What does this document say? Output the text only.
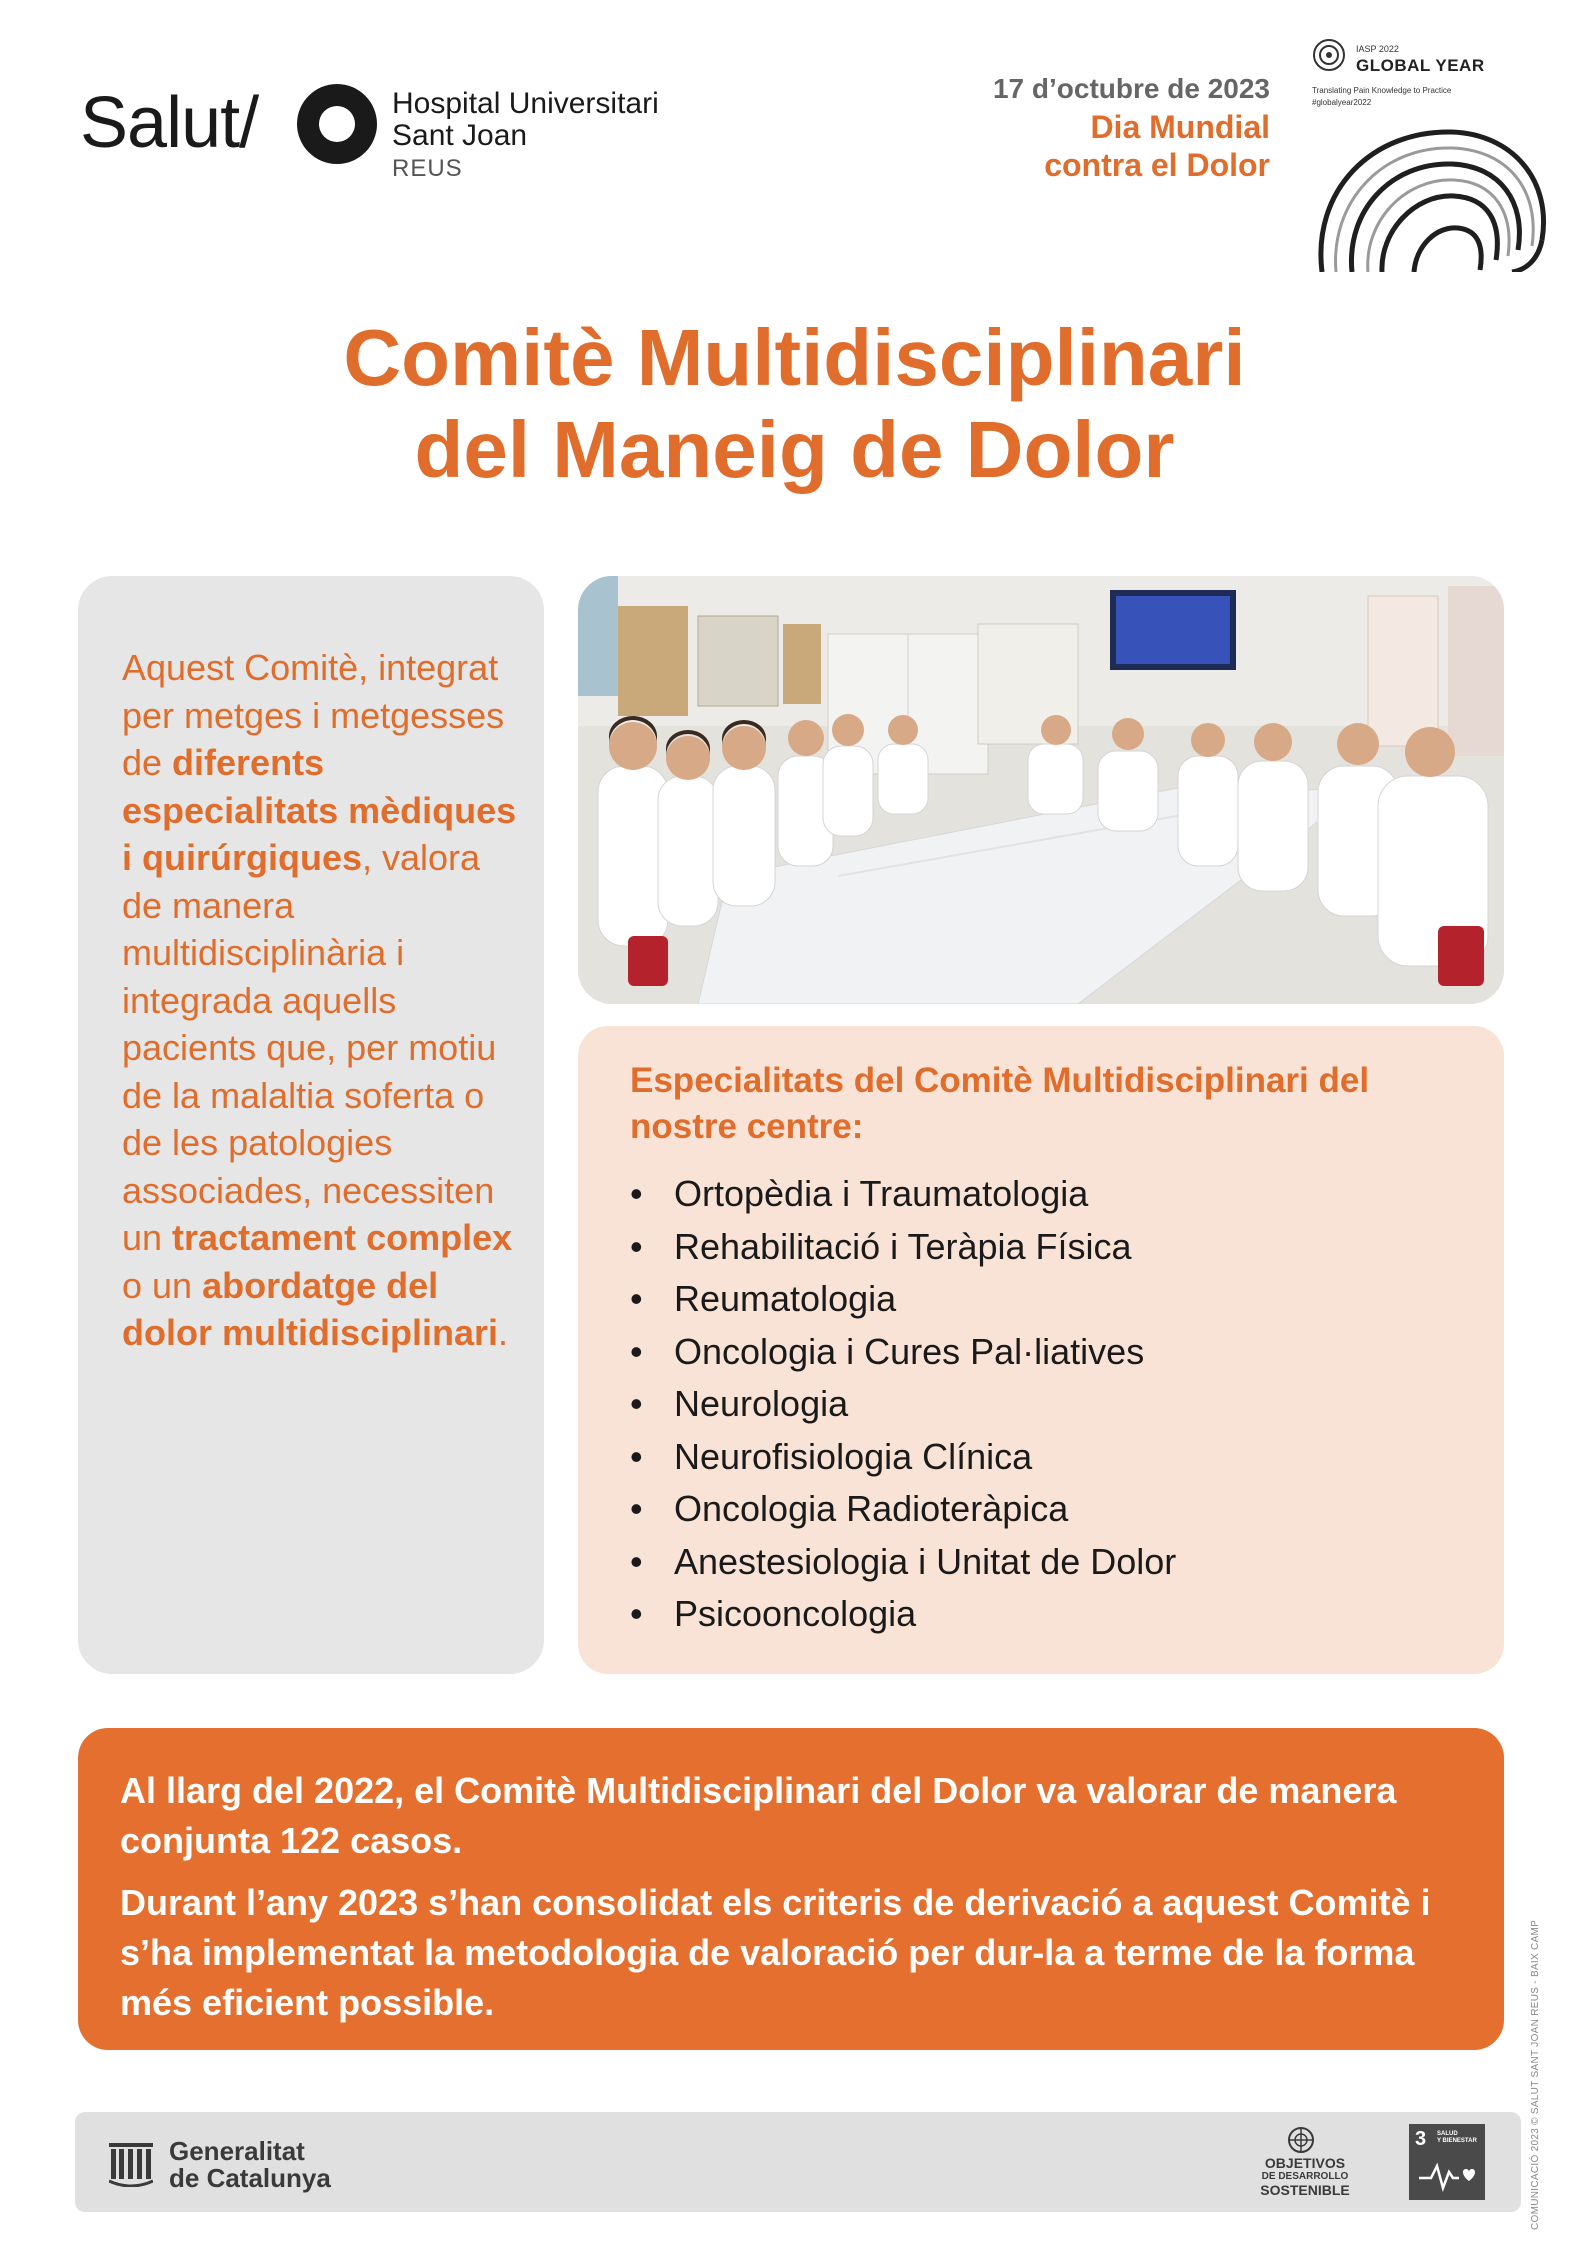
Salut/	Hospital Universitari
Sant Joan
REUS
17 d’octubre de 2023
Dia Mundial
contra el Dolor
IASP 2022
GLOBAL YEAR
Translating Pain Knowledge to Practice
#globalyear2022
Comitè Multidisciplinari
del Maneig de Dolor

Aquest Comitè, integrat per metges i metgesses de diferents especialitats mèdiques i quirúrgiques, valora de manera multidisciplinària i integrada aquells pacients que, per motiu de la malaltia soferta o de les patologies associades, necessiten un tractament complex o un abordatge del dolor multidisciplinari.

Especialitats del Comitè Multidisciplinari del nostre centre:
• Ortopèdia i Traumatologia
• Rehabilitació i Teràpia Física
• Reumatologia
• Oncologia i Cures Pal·liatives
• Neurologia
• Neurofisiologia Clínica
• Oncologia Radioteràpica
• Anestesiologia i Unitat de Dolor
• Psicooncologia

Al llarg del 2022, el Comitè Multidisciplinari del Dolor va valorar de manera conjunta 122 casos.

Durant l’any 2023 s’han consolidat els criteris de derivació a aquest Comitè i s’ha implementat la metodologia de valoració per dur-la a terme de la forma més eficient possible.	COMUNICACIÓ 2023 © SALUT SANT JOAN REUS - BAIX CAMP
Generalitat
de Catalunya	OBJETIVOS
DE DESARROLLO
SOSTENIBLE
3 SALUD
Y BIENESTAR
